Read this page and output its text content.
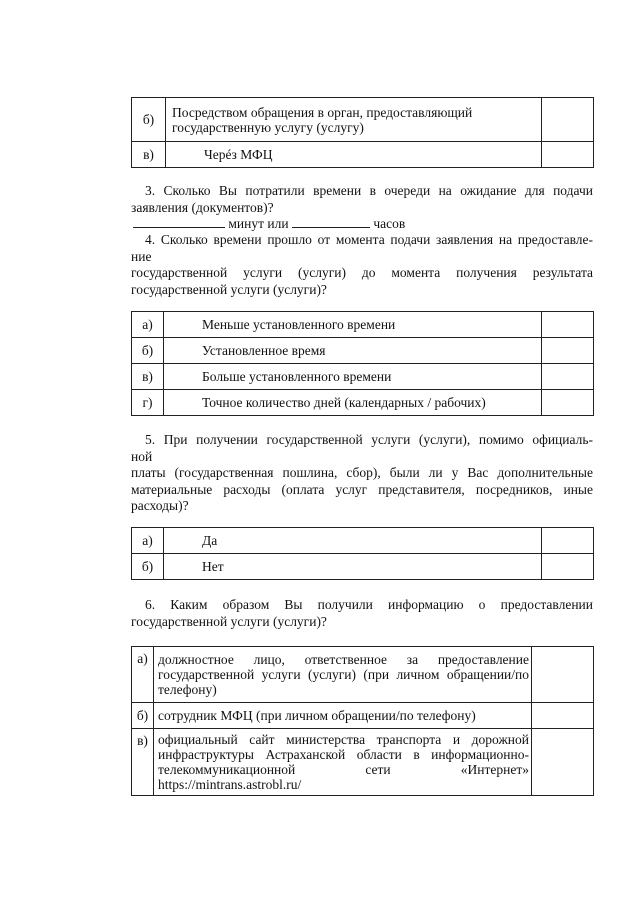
б)	Посредством обращения в орган, предоставляющий государственную услугу (услугу)	
в)	Черéз МФЦ	
3. Сколько Вы потратили времени в очереди на ожидание для подачи
заявления (документов)?
минут или	часов
4. Сколько времени прошло от момента подачи заявления на предоставле-
ние
государственной услуги (услуги) до момента получения результата
государственной услуги (услуги)?
а)	Меньше установленного времени	
б)	Установленное время	
в)	Больше установленного времени	
г)	Точное количество дней (календарных / рабочих)	
5. При получении государственной услуги (услуги), помимо официаль-
ной
платы (государственная пошлина, сбор), были ли у Вас дополнительные
материальные расходы (оплата услуг представителя, посредников, иные
расходы)?
а)	Да	
б)	Нет	
6. Каким образом Вы получили информацию о предоставлении
государственной услуги (услуги)?
а)	должностное лицо, ответственное за предоставление государственной услуги (услуги) (при личном обращении/по телефону)	
б)	сотрудник МФЦ (при личном обращении/по телефону)	
в)	официальный сайт министерства транспорта и дорожной инфраструктуры Астраханской области в информационно-телекоммуникационной сети «Интернет» https://mintrans.astrobl.ru/	
